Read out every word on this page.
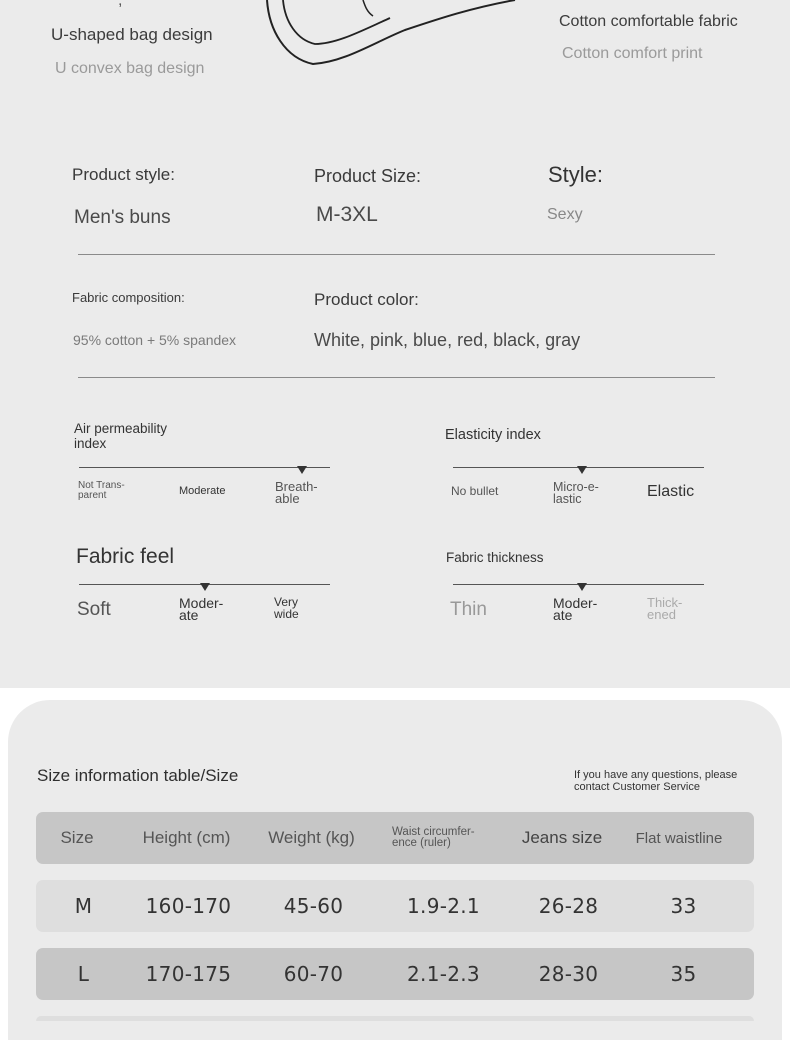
,
U-shaped bag design
U convex bag design
Cotton comfortable fabric
Cotton comfort print
Product style:
Men's buns
Product Size:
M-3XL
Style:
Sexy
Fabric composition:
95% cotton + 5% spandex
Product color:
White, pink, blue, red, black, gray
Air permeability index
Not Trans-parent	Moderate	Breath-able
Elasticity index
No bullet	Micro-e-lastic	Elastic
Fabric feel
Soft	Moder-ate
Very wide
Fabric thickness
Thin	Moder-ate
Thick-ened
Size information table/Size	If you have any questions, please contact Customer Service
Size	Height (cm)	Weight (kg)	Waist circumfer-ence (ruler)	Jeans size	Flat waistline
M	160-170	45-60	1.9-2.1	26-28	33
L	170-175	60-70	2.1-2.3	28-30	35
